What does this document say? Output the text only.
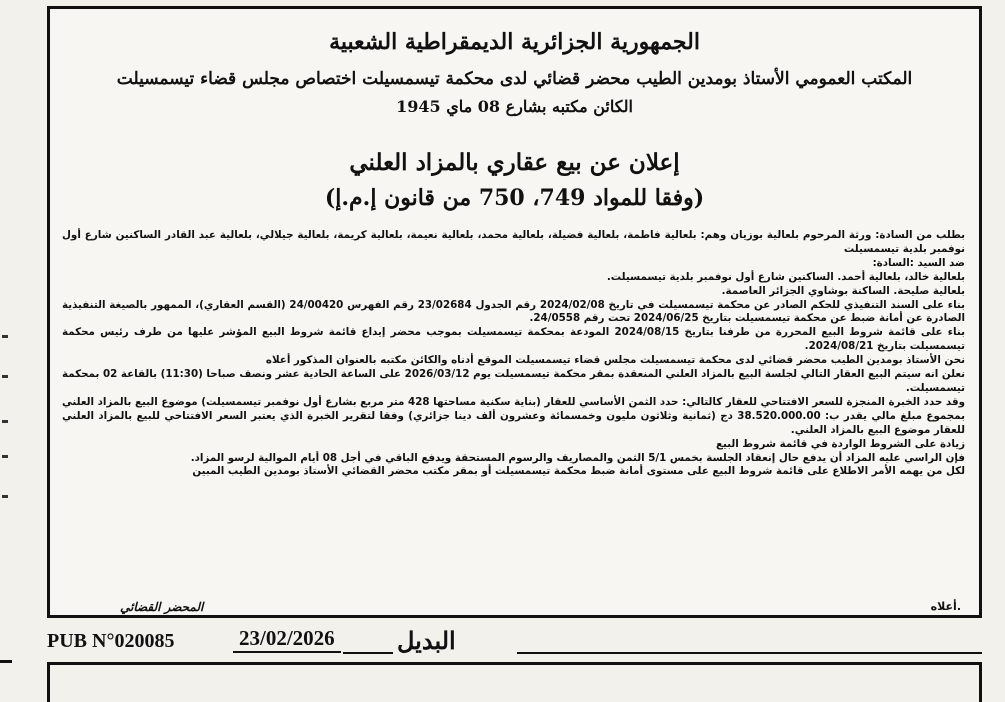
الجمهورية الجزائرية الديمقراطية الشعبية
المكتب العمومي الأستاذ بومدين الطيب محضر قضائي لدى محكمة تيسمسيلت اختصاص مجلس قضاء تيسمسيلت
الكائن مكتبه بشارع 08 ماي 1945
إعلان عن بيع عقاري بالمزاد العلني
(وفقا للمواد 749، 750 من قانون إ.م.إ)

بطلب من السادة: ورثة المرحوم بلعالية بوزيان وهم: بلعالية فاطمة، بلعالية فضيلة، بلعالية محمد، بلعالية نعيمة، بلعالية كريمة، بلعالية جيلالي، بلعالية عبد القادر الساكنين شارع أول نوفمبر بلدية تيسمسيلت

ضد السيد :السادة:

بلعالية خالد، بلعالية أحمد. الساكنين شارع أول نوفمبر بلدية تيسمسيلت.

بلعالية صليحة. الساكنة بوشاوي الجزائر العاصمة.

بناء على السند التنفيذي للحكم الصادر عن محكمة تيسمسيلت في تاريخ 2024/02/08 رقم الجدول 23/02684 رقم الفهرس 24/00420 (القسم العقاري)، الممهور بالصيغة التنفيذية الصادرة عن أمانة ضبط عن محكمة تيسمسيلت بتاريخ 2024/06/25 تحت رقم 24/0558.

بناء على قائمة شروط البيع المحررة من طرفنا بتاريخ 2024/08/15 المودعة بمحكمة تيسمسيلت بموجب محضر إيداع قائمة شروط البيع المؤشر عليها من طرف رئيس محكمة تيسمسيلت بتاريخ 2024/08/21.

نحن الأستاذ بومدين الطيب محضر قضائي لدى محكمة تيسمسيلت مجلس قضاء تيسمسيلت الموقع أدناه والكائن مكتبه بالعنوان المذكور أعلاه

نعلن انه سيتم البيع العقار التالي لجلسة البيع بالمزاد العلني المنعقدة بمقر محكمة تيسمسيلت يوم 2026/03/12 على الساعة الحادية عشر ونصف صباحا (11:30) بالقاعة 02 بمحكمة تيسمسيلت.

وقد حدد الخبرة المنجزة للسعر الافتتاحي للعقار كالتالي: حدد الثمن الأساسي للعقار (بناية سكنية مساحتها 428 متر مربع بشارع أول نوفمبر تيسمسيلت) موضوع البيع بالمزاد العلني بمجموع مبلغ مالي يقدر ب: 38.520.000.00 دج (ثمانية وثلاثون مليون وخمسمائة وعشرون ألف دينا جزائري) وفقا لتقرير الخبرة الذي يعتبر السعر الافتتاحي للبيع بالمزاد العلني للعقار موضوع البيع بالمزاد العلني.

زيادة على الشروط الواردة في قائمة شروط البيع

فإن الراسي عليه المزاد أن يدفع حال إنعقاد الجلسة بخمس 5/1 الثمن والمصاريف والرسوم المستحقة ويدفع الباقي في أجل 08 أيام الموالية لرسو المزاد.

لكل من يهمه الأمر الاطلاع على قائمة شروط البيع على مستوى أمانة ضبط محكمة تيسمسيلت أو بمقر مكتب محضر القضائي الأستاذ بومدين الطيب المبين

المحضر القضائي	أعلاه.
PUB N°020085	23/02/2026	البديل
